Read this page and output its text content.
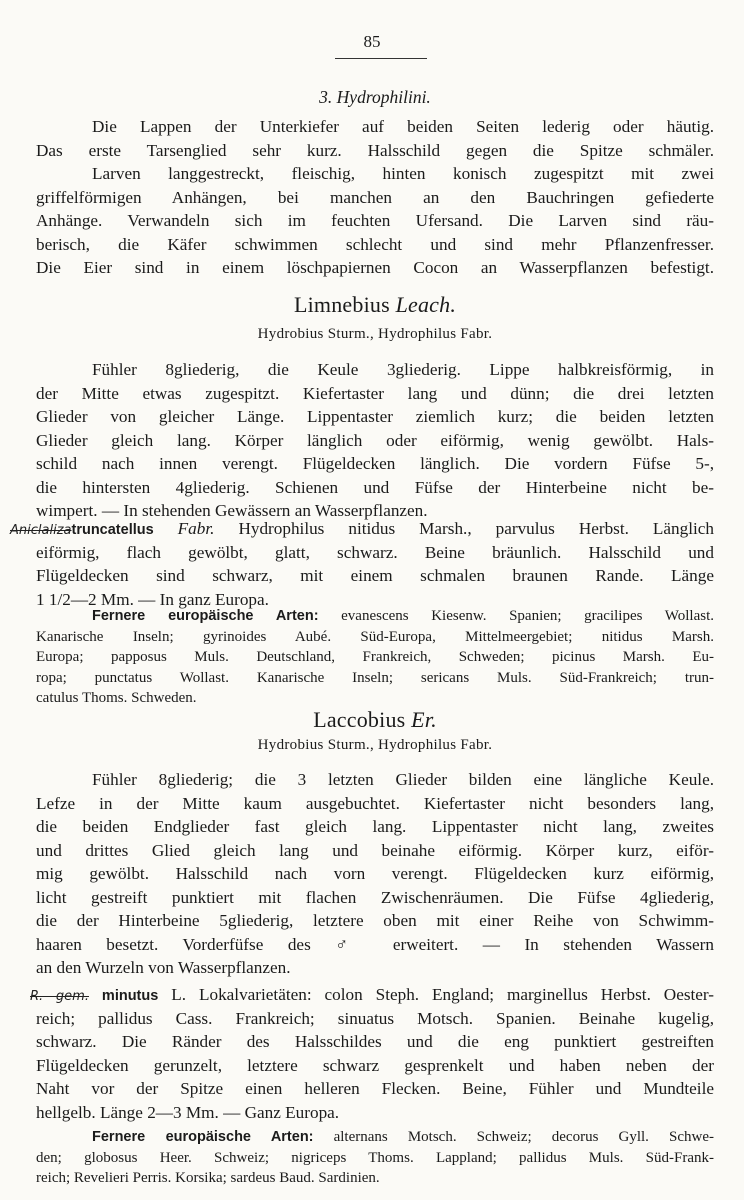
85
3. Hydrophilini.
Die Lappen der Unterkiefer auf beiden Seiten lederig oder häutig.
Das erste Tarsenglied sehr kurz. Halsschild gegen die Spitze schmäler.
Larven langgestreckt, fleischig, hinten konisch zugespitzt mit zwei
griffelförmigen Anhängen, bei manchen an den Bauchringen gefiederte
Anhänge. Verwandeln sich im feuchten Ufersand. Die Larven sind räu-
berisch, die Käfer schwimmen schlecht und sind mehr Pflanzenfresser.
Die Eier sind in einem löschpapiernen Cocon an Wasserpflanzen befestigt.
Limnebius Leach.
Hydrobius Sturm., Hydrophilus Fabr.
Fühler 8gliederig, die Keule 3gliederig. Lippe halbkreisförmig, in
der Mitte etwas zugespitzt. Kiefertaster lang und dünn; die drei letzten
Glieder von gleicher Länge. Lippentaster ziemlich kurz; die beiden letzten
Glieder gleich lang. Körper länglich oder eiförmig, wenig gewölbt. Hals-
schild nach innen verengt. Flügeldecken länglich. Die vordern Füfse 5-,
die hintersten 4gliederig. Schienen und Füfse der Hinterbeine nicht be-
wimpert. — In stehenden Gewässern an Wasserpflanzen.
Aniclalizatruncatellus Fabr. Hydrophilus nitidus Marsh., parvulus Herbst. Länglich
eiförmig, flach gewölbt, glatt, schwarz. Beine bräunlich. Halsschild und
Flügeldecken sind schwarz, mit einem schmalen braunen Rande. Länge
1 1/2—2 Mm. — In ganz Europa.
Fernere europäische Arten: evanescens Kiesenw. Spanien; gracilipes Wollast.
Kanarische Inseln; gyrinoides Aubé. Süd-Europa, Mittelmeergebiet; nitidus Marsh.
Europa; papposus Muls. Deutschland, Frankreich, Schweden; picinus Marsh. Eu-
ropa; punctatus Wollast. Kanarische Inseln; sericans Muls. Süd-Frankreich; trun-
catulus Thoms. Schweden.
Laccobius Er.
Hydrobius Sturm., Hydrophilus Fabr.
Fühler 8gliederig; die 3 letzten Glieder bilden eine längliche Keule.
Lefze in der Mitte kaum ausgebuchtet. Kiefertaster nicht besonders lang,
die beiden Endglieder fast gleich lang. Lippentaster nicht lang, zweites
und drittes Glied gleich lang und beinahe eiförmig. Körper kurz, eiför-
mig gewölbt. Halsschild nach vorn verengt. Flügeldecken kurz eiförmig,
licht gestreift punktiert mit flachen Zwischenräumen. Die Füfse 4gliederig,
die der Hinterbeine 5gliederig, letztere oben mit einer Reihe von Schwimm-
haaren besetzt. Vorderfüfse des ♂ erweitert. — In stehenden Wassern
an den Wurzeln von Wasserpflanzen.
R. gem. minutus L. Lokalvarietäten: colon Steph. England; marginellus Herbst. Oester-
reich; pallidus Cass. Frankreich; sinuatus Motsch. Spanien. Beinahe kugelig,
schwarz. Die Ränder des Halsschildes und die eng punktiert gestreiften
Flügeldecken gerunzelt, letztere schwarz gesprenkelt und haben neben der
Naht vor der Spitze einen helleren Flecken. Beine, Fühler und Mundteile
hellgelb. Länge 2—3 Mm. — Ganz Europa.
Fernere europäische Arten: alternans Motsch. Schweiz; decorus Gyll. Schwe-
den; globosus Heer. Schweiz; nigriceps Thoms. Lappland; pallidus Muls. Süd-Frank-
reich; Revelieri Perris. Korsika; sardeus Baud. Sardinien.
